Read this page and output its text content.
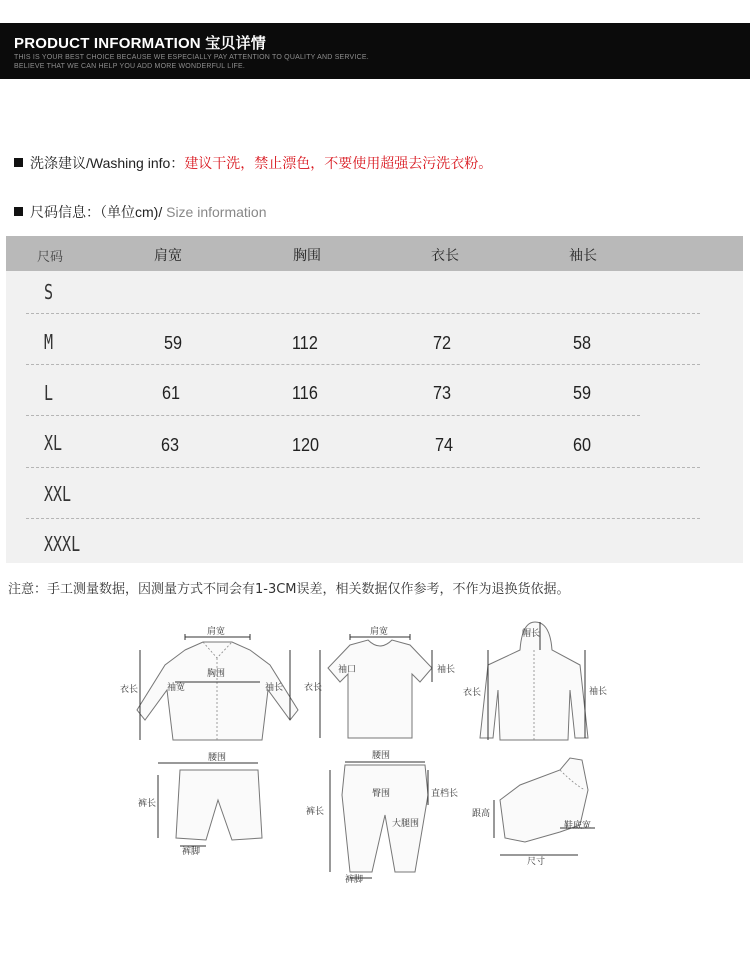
PRODUCT INFORMATION 宝贝详情
THIS IS YOUR BEST CHOICE BECAUSE WE ESPECIALLY PAY ATTENTION TO QUALITY AND SERVICE.
BELIEVE THAT WE CAN HELP YOU ADD MORE WONDERFUL LIFE.
洗涤建议/Washing info：建议干洗，禁止漂色，不要使用超强去污洗衣粉。
尺码信息：（单位cm)/ Size information
尺码	肩宽	胸围	衣长	袖长
S
M	59	112	72	58
L	61	116	73	59
XL	63	120	74	60
XXL
XXXL
注意：手工测量数据，因测量方式不同会有1-3CM误差，相关数据仅作参考，不作为退换货依据。
肩宽
胸围
衣长	袖宽	袖长
肩宽
袖口
衣长
袖长
帽长
衣长	袖长
腰围
裤长
裤脚
腰围
臀围	直档长
大腿围
裤长
裤脚
跟高
鞋底宽
尺寸
